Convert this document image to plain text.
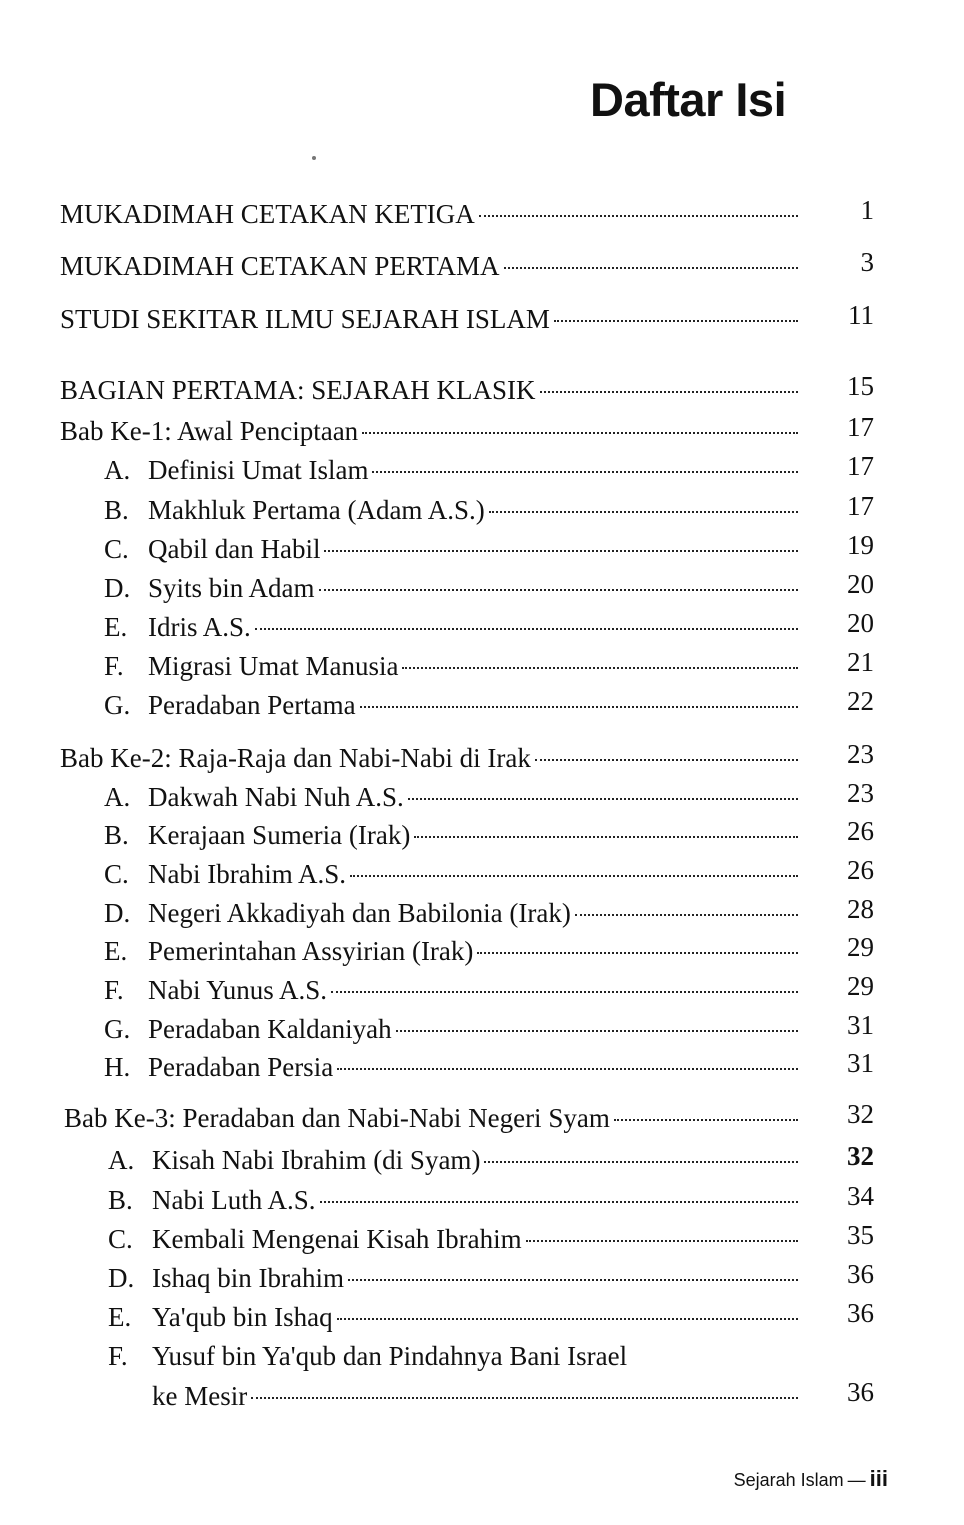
Daftar Isi
MUKADIMAH CETAKAN KETIGA	1
MUKADIMAH CETAKAN PERTAMA	3
STUDI SEKITAR ILMU SEJARAH ISLAM	11
BAGIAN PERTAMA: SEJARAH KLASIK	15
Bab Ke-1: Awal Penciptaan	17
A. Definisi Umat Islam	17
B. Makhluk Pertama (Adam A.S.)	17
C. Qabil dan Habil	19
D. Syits bin Adam	20
E. Idris A.S.	20
F. Migrasi Umat Manusia	21
G. Peradaban Pertama	22
Bab Ke-2: Raja-Raja dan Nabi-Nabi di Irak	23
A. Dakwah Nabi Nuh A.S.	23
B. Kerajaan Sumeria (Irak)	26
C. Nabi Ibrahim A.S.	26
D. Negeri Akkadiyah dan Babilonia (Irak)	28
E. Pemerintahan Assyirian (Irak)	29
F. Nabi Yunus A.S.	29
G. Peradaban Kaldaniyah	31
H. Peradaban Persia	31
Bab Ke-3: Peradaban dan Nabi-Nabi Negeri Syam	32
A. Kisah Nabi Ibrahim (di Syam)	32
B. Nabi Luth A.S.	34
C. Kembali Mengenai Kisah Ibrahim	35
D. Ishaq bin Ibrahim	36
E. Ya'qub bin Ishaq	36
F. Yusuf bin Ya'qub dan Pindahnya Bani Israel
ke Mesir	36
Sejarah Islam — iii
